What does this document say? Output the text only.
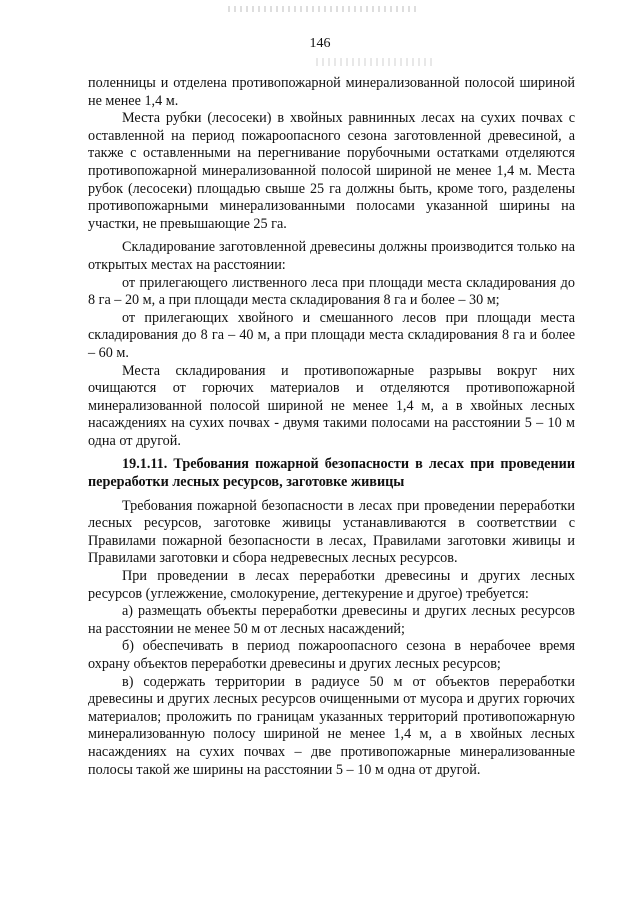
146

поленницы и отделена противопожарной минерализованной полосой шириной не менее 1,4 м.

Места рубки (лесосеки) в хвойных равнинных лесах на сухих почвах с оставленной на период пожароопасного сезона заготовленной древесиной, а также с оставленными на перегнивание порубочными остатками отделяются противопожарной минерализованной полосой шириной не менее 1,4 м. Места рубок (лесосеки) площадью свыше 25 га должны быть, кроме того, разделены противопожарными минерализованными полосами указанной ширины на участки, не превышающие 25 га.

Складирование заготовленной древесины должны производится только на открытых местах на расстоянии:

от прилегающего лиственного леса при площади места складирования до 8 га – 20 м, а при площади места складирования 8 га и более – 30 м;

от прилегающих хвойного и смешанного лесов при площади места складирования до 8 га – 40 м, а при площади места складирования 8 га и более – 60 м.

Места складирования и противопожарные разрывы вокруг них очищаются от горючих материалов и отделяются противопожарной минерализованной полосой шириной не менее 1,4 м, а в хвойных лесных насаждениях на сухих почвах - двумя такими полосами на расстоянии 5 – 10 м одна от другой.

19.1.11. Требования пожарной безопасности в лесах при проведении переработки лесных ресурсов, заготовке живицы

Требования пожарной безопасности в лесах при проведении переработки лесных ресурсов, заготовке живицы устанавливаются в соответствии с Правилами пожарной безопасности в лесах, Правилами заготовки живицы и Правилами заготовки и сбора недревесных лесных ресурсов.

При проведении в лесах переработки древесины и других лесных ресурсов (углежжение, смолокурение, дегтекурение и другое) требуется:

а) размещать объекты переработки древесины и других лесных ресурсов на расстоянии не менее 50 м от лесных насаждений;

б) обеспечивать в период пожароопасного сезона в нерабочее время охрану объектов переработки древесины и других лесных ресурсов;

в) содержать территории в радиусе 50 м от объектов переработки древесины и других лесных ресурсов очищенными от мусора и других горючих материалов; проложить по границам указанных территорий противопожарную минерализованную полосу шириной не менее 1,4 м, а в хвойных лесных насаждениях на сухих почвах – две противопожарные минерализованные полосы такой же ширины на расстоянии 5 – 10 м одна от другой.
